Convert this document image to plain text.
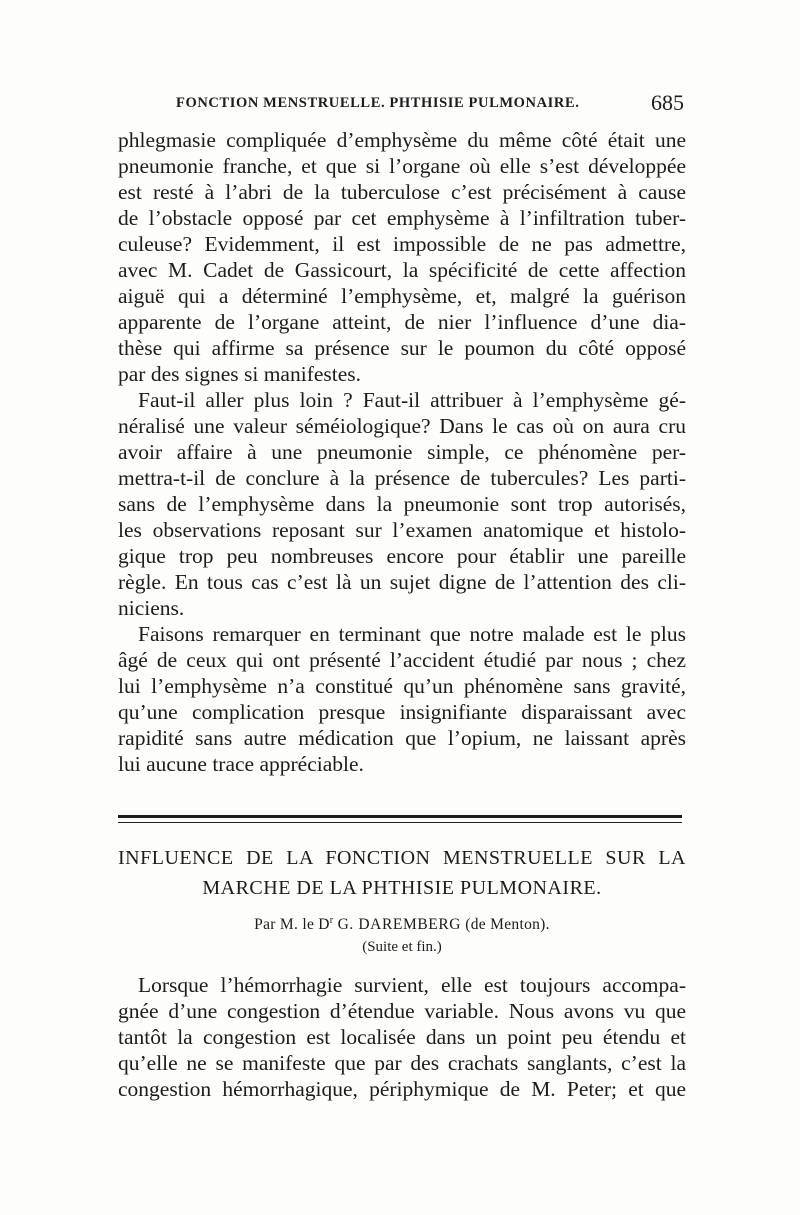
FONCTION MENSTRUELLE. PHTHISIE PULMONAIRE.	685
phlegmasie compliquée d’emphysème du même côté était une
pneumonie franche, et que si l’organe où elle s’est développée
est resté à l’abri de la tuberculose c’est précisément à cause
de l’obstacle opposé par cet emphysème à l’infiltration tuber-
culeuse? Evidemment, il est impossible de ne pas admettre,
avec M. Cadet de Gassicourt, la spécificité de cette affection
aiguë qui a déterminé l’emphysème, et, malgré la guérison
apparente de l’organe atteint, de nier l’influence d’une dia-
thèse qui affirme sa présence sur le poumon du côté opposé
par des signes si manifestes.
Faut-il aller plus loin ? Faut-il attribuer à l’emphysème gé-
néralisé une valeur séméiologique? Dans le cas où on aura cru
avoir affaire à une pneumonie simple, ce phénomène per-
mettra-t-il de conclure à la présence de tubercules? Les parti-
sans de l’emphysème dans la pneumonie sont trop autorisés,
les observations reposant sur l’examen anatomique et histolo-
gique trop peu nombreuses encore pour établir une pareille
règle. En tous cas c’est là un sujet digne de l’attention des cli-
niciens.
Faisons remarquer en terminant que notre malade est le plus
âgé de ceux qui ont présenté l’accident étudié par nous ; chez
lui l’emphysème n’a constitué qu’un phénomène sans gravité,
qu’une complication presque insignifiante disparaissant avec
rapidité sans autre médication que l’opium, ne laissant après
lui aucune trace appréciable.
INFLUENCE DE LA FONCTION MENSTRUELLE SUR LA
MARCHE DE LA PHTHISIE PULMONAIRE.
Par M. le $D^r$ G. DAREMBERG (de Menton).
(Suite et fin.)
Lorsque l’hémorrhagie survient, elle est toujours accompa-
gnée d’une congestion d’étendue variable. Nous avons vu que
tantôt la congestion est localisée dans un point peu étendu et
qu’elle ne se manifeste que par des crachats sanglants, c’est la
congestion hémorrhagique, périphymique de M. Peter; et que
